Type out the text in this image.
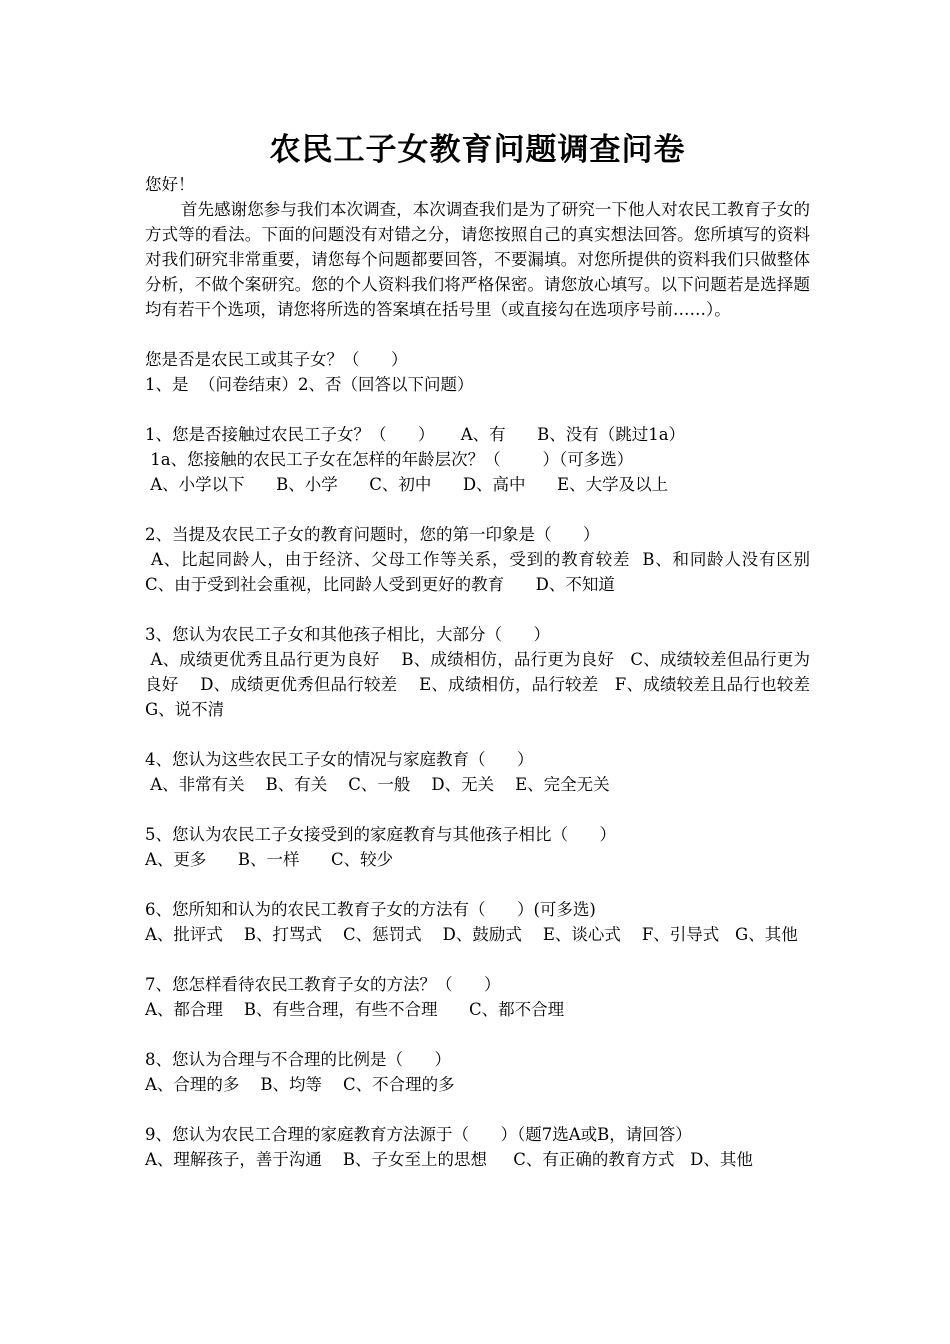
农民工子女教育问题调查问卷

您好！

首先感谢您参与我们本次调查，本次调查我们是为了研究一下他人对农民工教育子女的方式等的看法。下面的问题没有对错之分，请您按照自己的真实想法回答。您所填写的资料对我们研究非常重要，请您每个问题都要回答，不要漏填。对您所提供的资料我们只做整体分析，不做个案研究。您的个人资料我们将严格保密。请您放心填写。以下问题若是选择题均有若干个选项，请您将所选的答案填在括号里（或直接勾在选项序号前……）。

您是否是农民工或其子女？（      ）

1、是  （问卷结束）2、否（回答以下问题）

1、您是否接触过农民工子女？（      ）     A、有      B、没有（跳过1a）

1a、您接触的农民工子女在怎样的年龄层次？（        ）（可多选）

A、小学以下      B、小学      C、初中      D、高中      E、大学及以上

2、当提及农民工子女的教育问题时，您的第一印象是（      ）

A、比起同龄人，由于经济、父母工作等关系，受到的教育较差  B、和同龄人没有区别    C、由于受到社会重视，比同龄人受到更好的教育      D、不知道

3、您认为农民工子女和其他孩子相比，大部分（      ）

A、成绩更优秀且品行更为良好    B、成绩相仿，品行更为良好   C、成绩较差但品行更为良好    D、成绩更优秀但品行较差    E、成绩相仿，品行较差   F、成绩较差且品行也较差   G、说不清

4、您认为这些农民工子女的情况与家庭教育（      ）

A、非常有关    B、有关    C、一般    D、无关    E、完全无关

5、您认为农民工子女接受到的家庭教育与其他孩子相比（      ）

A、更多      B、一样      C、较少

6、您所知和认为的农民工教育子女的方法有（      ）(可多选)

A、批评式    B、打骂式    C、惩罚式    D、鼓励式    E、谈心式    F、引导式   G、其他

7、您怎样看待农民工教育子女的方法？（      ）

A、都合理    B、有些合理，有些不合理      C、都不合理

8、您认为合理与不合理的比例是（      ）

A、合理的多    B、均等    C、不合理的多

9、您认为农民工合理的家庭教育方法源于（      ）（题7选A或B，请回答）

A、理解孩子，善于沟通    B、子女至上的思想     C、有正确的教育方式   D、其他
